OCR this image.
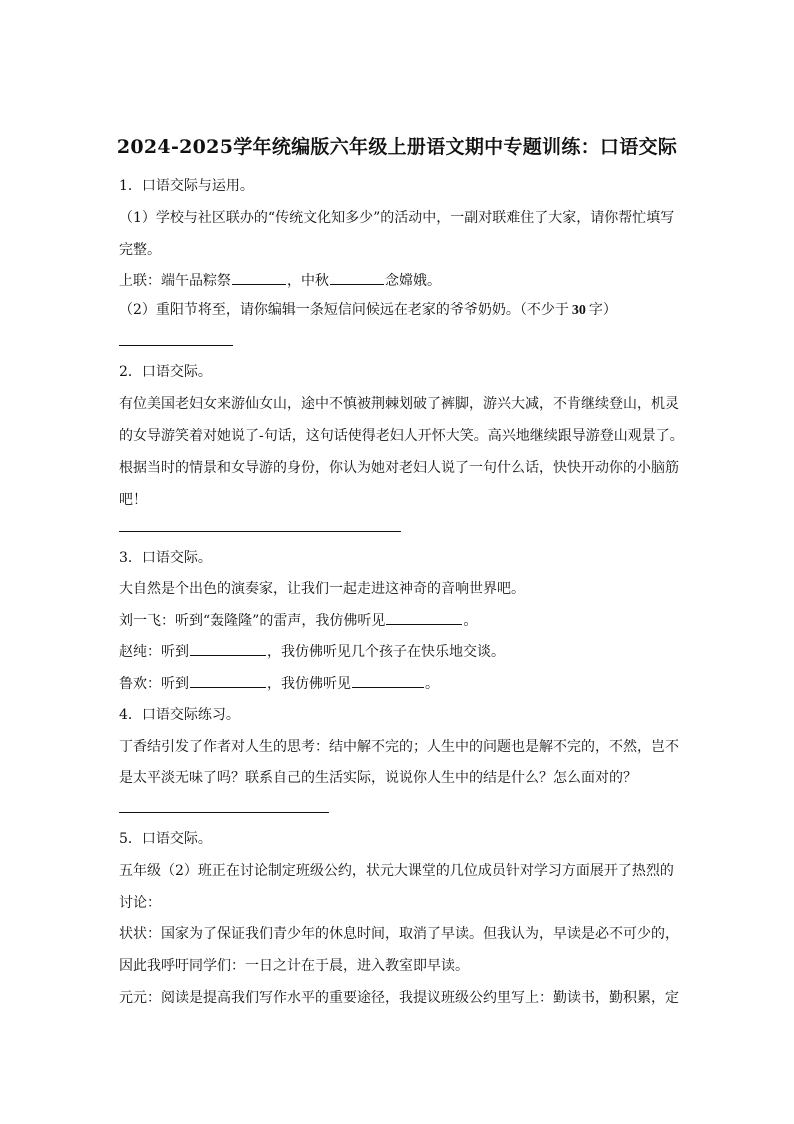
2024-2025学年统编版六年级上册语文期中专题训练：口语交际
1．口语交际与运用。
（1）学校与社区联办的“传统文化知多少”的活动中，一副对联难住了大家，请你帮忙填写
完整。
上联：端午品粽祭	，中秋	念嫦娥。
（2）重阳节将至，请你编辑一条短信问候远在老家的爷爷奶奶。（不少于 30 字）
2．口语交际。
有位美国老妇女来游仙女山，途中不慎被荆棘划破了裤脚，游兴大减，不肯继续登山，机灵
的女导游笑着对她说了-句话，这句话使得老妇人开怀大笑。高兴地继续跟导游登山观景了。
根据当时的情景和女导游的身份，你认为她对老妇人说了一句什么话，快快开动你的小脑筋
吧！
3．口语交际。
大自然是个出色的演奏家，让我们一起走进这神奇的音响世界吧。
刘一飞：听到“轰隆隆”的雷声，我仿佛听见	。
赵纯：听到	，我仿佛听见几个孩子在快乐地交谈。
鲁欢：听到	，我仿佛听见	。
4．口语交际练习。
丁香结引发了作者对人生的思考：结中解不完的；人生中的问题也是解不完的，不然，岂不
是太平淡无味了吗？联系自己的生活实际，说说你人生中的结是什么？怎么面对的？
5．口语交际。
五年级（2）班正在讨论制定班级公约，状元大课堂的几位成员针对学习方面展开了热烈的
讨论：
状状：国家为了保证我们青少年的休息时间，取消了早读。但我认为，早读是必不可少的，
因此我呼吁同学们：一日之计在于晨，进入教室即早读。
元元：阅读是提高我们写作水平的重要途径，我提议班级公约里写上：勤读书，勤积累，定
